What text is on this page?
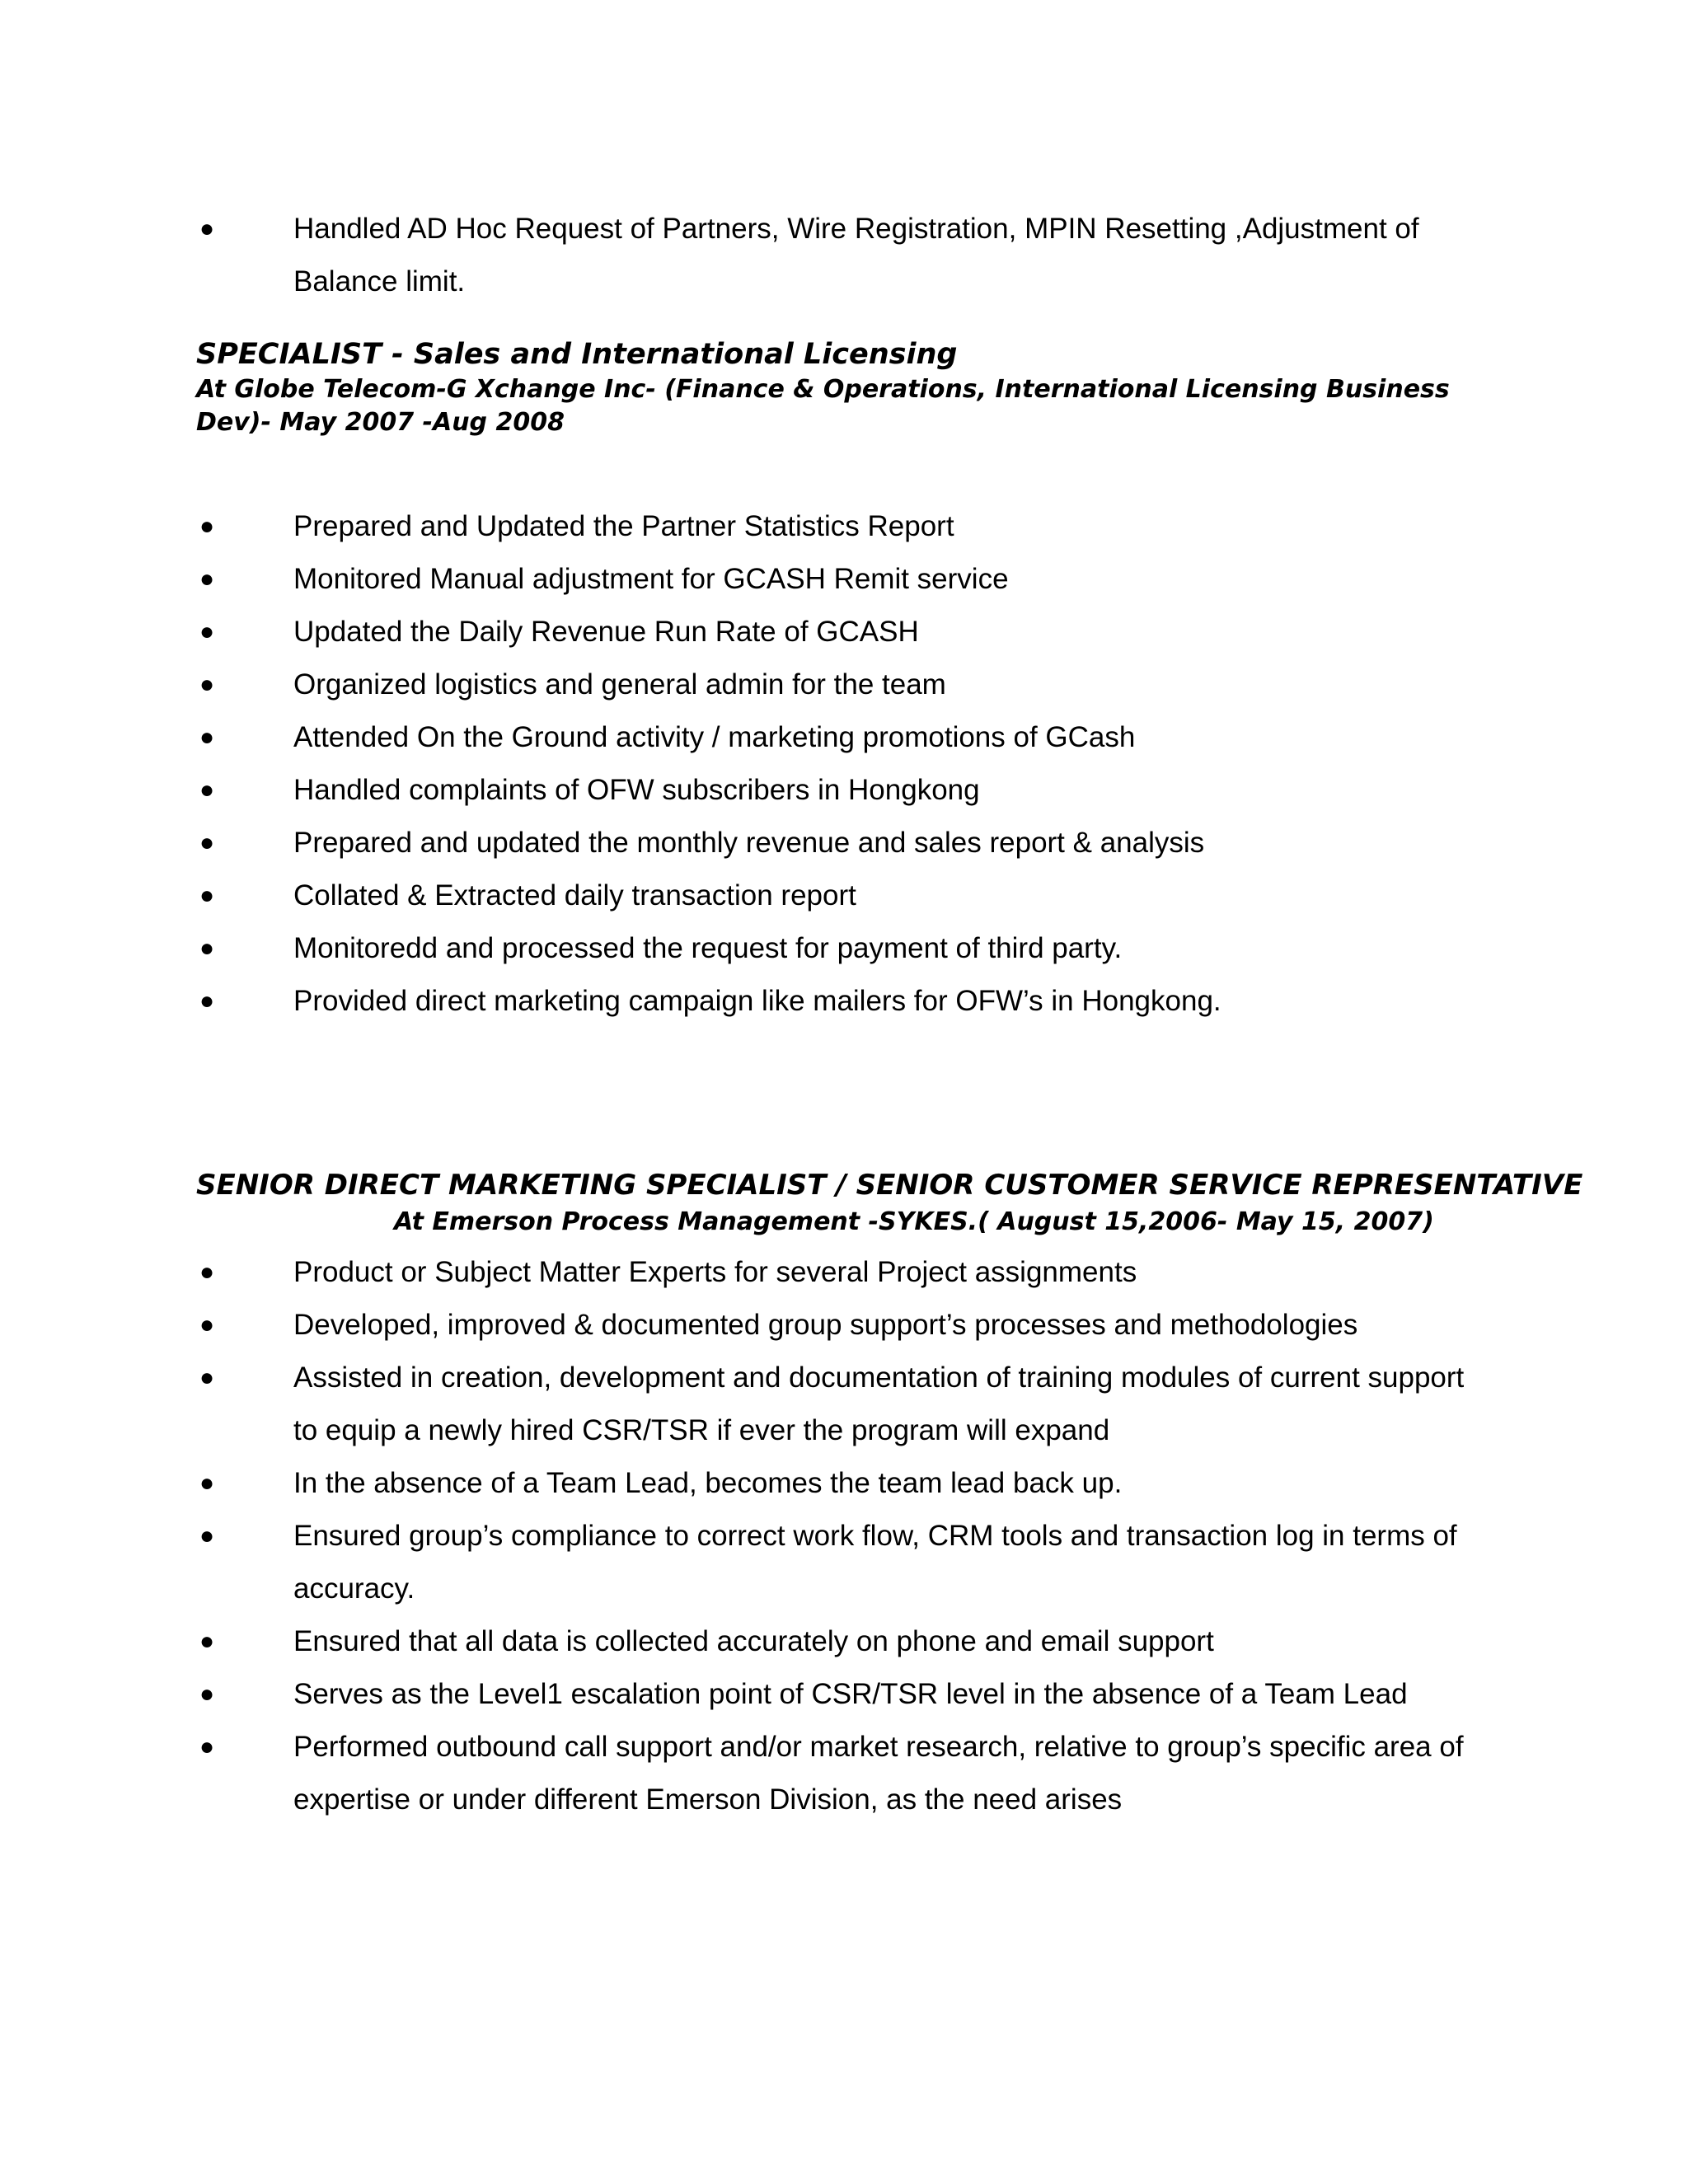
●	Handled AD Hoc Request of Partners, Wire Registration, MPIN Resetting ,Adjustment of Balance limit.
SPECIALIST - Sales and International Licensing
At Globe Telecom-G Xchange Inc- (Finance & Operations, International Licensing Business
Dev)- May 2007 -Aug 2008
●	Prepared and Updated the Partner Statistics Report
●	Monitored Manual adjustment for GCASH Remit service
●	Updated the Daily Revenue Run Rate of GCASH
●	Organized logistics and general admin for the team
●	Attended On the Ground activity / marketing promotions of GCash
●	Handled complaints of OFW subscribers in Hongkong
●	Prepared and updated the monthly revenue and sales report & analysis
●	Collated & Extracted daily transaction report
●	Monitoredd and processed the request for payment of third party.
●	Provided direct marketing campaign like mailers for OFW’s in Hongkong.
SENIOR DIRECT MARKETING SPECIALIST / SENIOR CUSTOMER SERVICE REPRESENTATIVE
At Emerson Process Management -SYKES.( August 15,2006- May 15, 2007)
●	Product or Subject Matter Experts for several Project assignments
●	Developed, improved & documented group support’s processes and methodologies
●	Assisted in creation, development and documentation of training modules of current support to equip a newly hired CSR/TSR if ever the program will expand
●	In the absence of a Team Lead, becomes the team lead back up.
●	Ensured group’s compliance to correct work flow, CRM tools and transaction log in terms of accuracy.
●	Ensured that all data is collected accurately on phone and email support
●	Serves as the Level1 escalation point of CSR/TSR level in the absence of a Team Lead
●	Performed outbound call support and/or market research, relative to group’s specific area of expertise or under different Emerson Division, as the need arises
